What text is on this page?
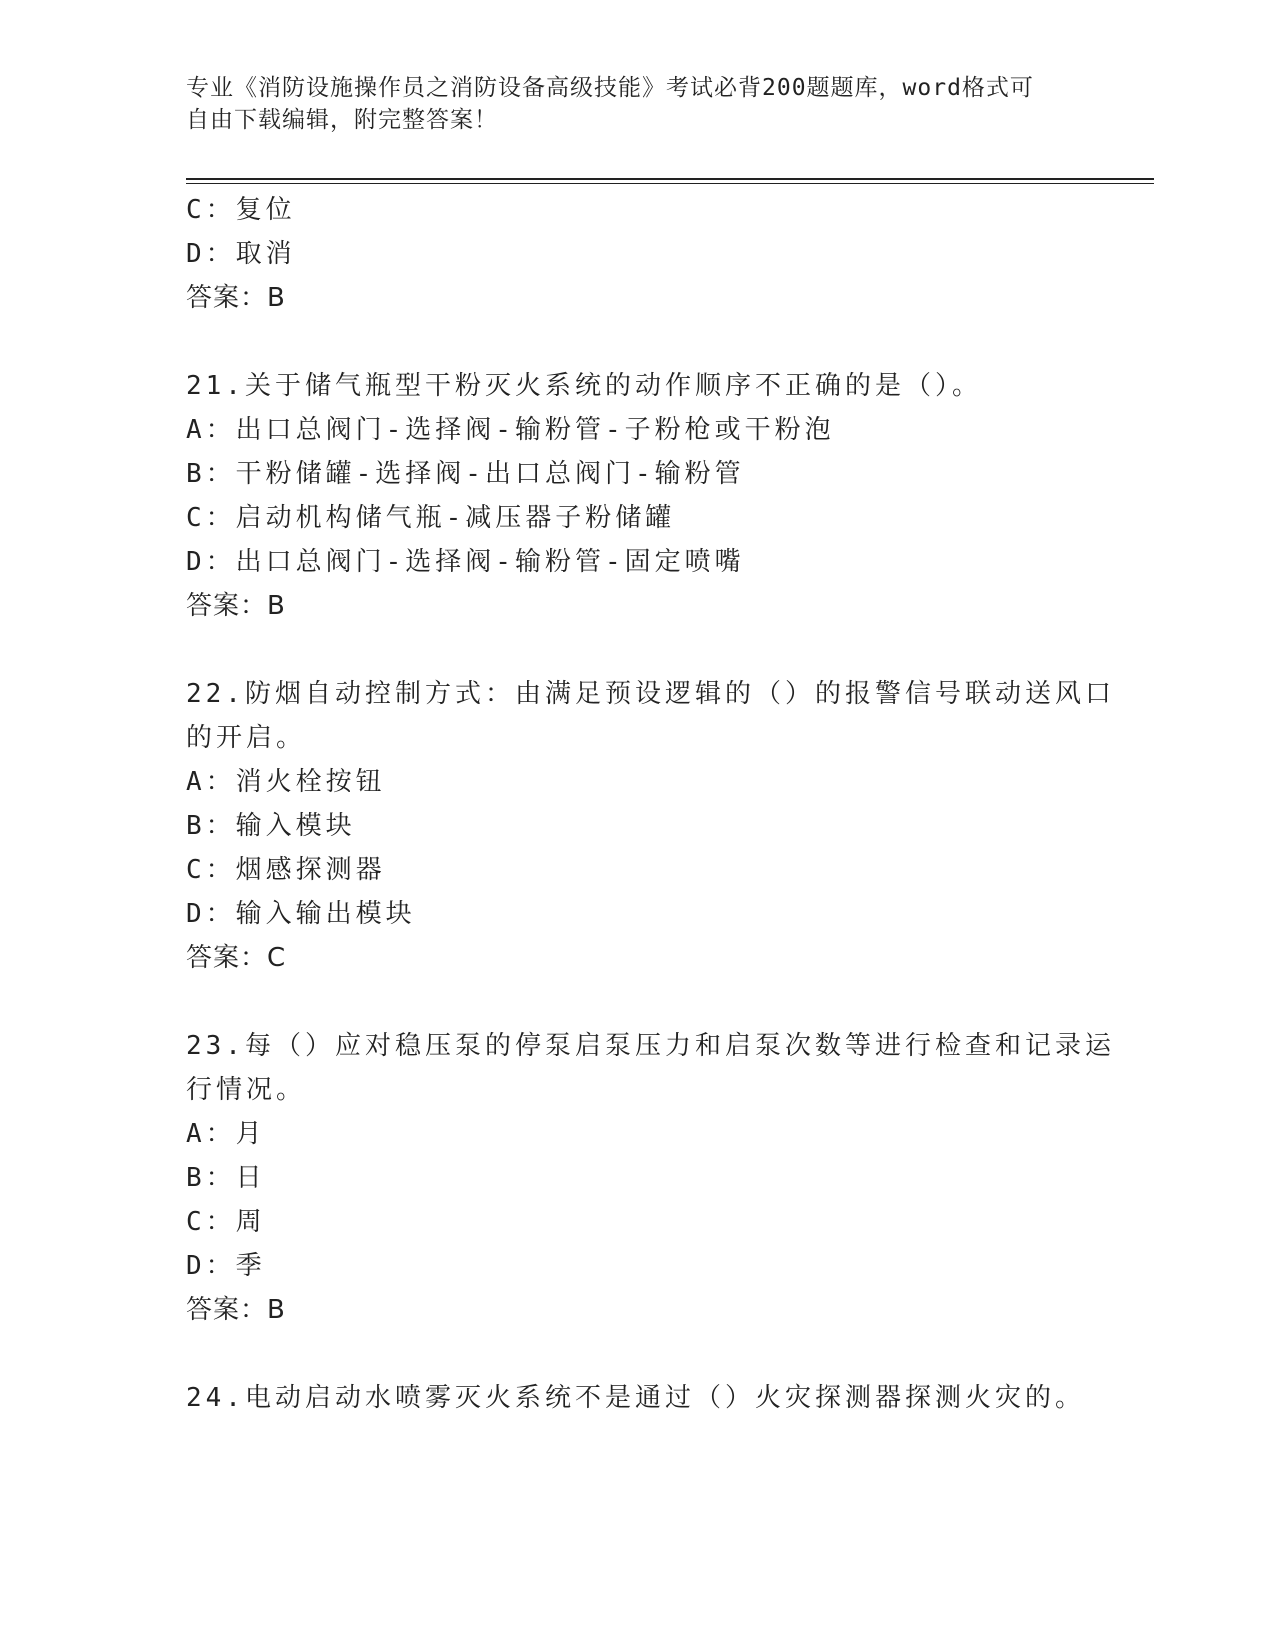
专业《消防设施操作员之消防设备高级技能》考试必背200题题库，word格式可
自由下载编辑，附完整答案！
C：复位
D：取消
答案：B
21.关于储气瓶型干粉灭火系统的动作顺序不正确的是（）。
A：出口总阀门-选择阀-输粉管-子粉枪或干粉泡
B：干粉储罐-选择阀-出口总阀门-输粉管
C：启动机构储气瓶-减压器子粉储罐
D：出口总阀门-选择阀-输粉管-固定喷嘴
答案：B
22.防烟自动控制方式：由满足预设逻辑的（）的报警信号联动送风口
的开启。
A：消火栓按钮
B：输入模块
C：烟感探测器
D：输入输出模块
答案：C
23.每（）应对稳压泵的停泵启泵压力和启泵次数等进行检查和记录运
行情况。
A：月
B：日
C：周
D：季
答案：B
24.电动启动水喷雾灭火系统不是通过（）火灾探测器探测火灾的。
